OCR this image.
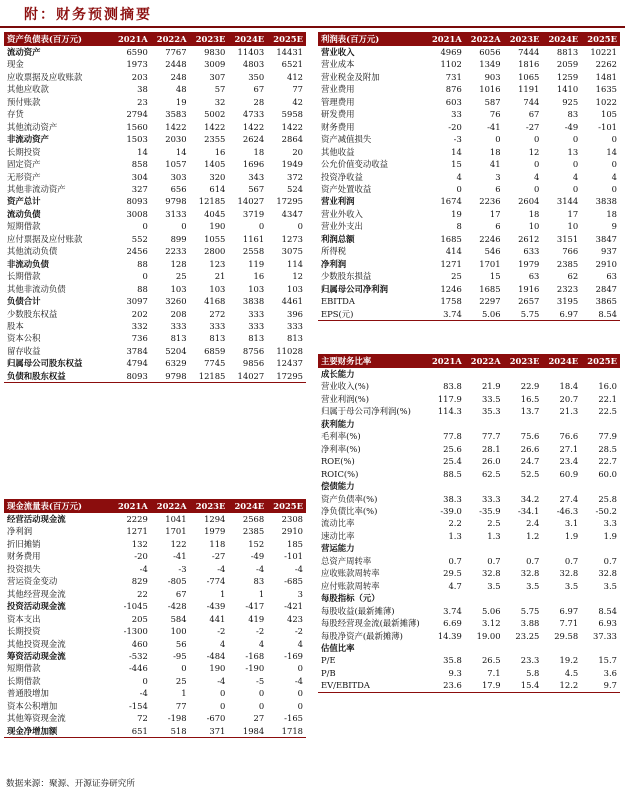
附：财务预测摘要
资产负债表(百万元)	2021A	2022A	2023E	2024E	2025E
流动资产	6590	7767	9830	11403	14431
现金	1973	2448	3009	4803	6521
应收票据及应收账款	203	248	307	350	412
其他应收款	38	48	57	67	77
预付账款	23	19	32	28	42
存货	2794	3583	5002	4733	5958
其他流动资产	1560	1422	1422	1422	1422
非流动资产	1503	2030	2355	2624	2864
长期投资	14	14	16	18	20
固定资产	858	1057	1405	1696	1949
无形资产	304	303	320	343	372
其他非流动资产	327	656	614	567	524
资产总计	8093	9798	12185	14027	17295
流动负债	3008	3133	4045	3719	4347
短期借款	0	0	190	0	0
应付票据及应付账款	552	899	1055	1161	1273
其他流动负债	2456	2233	2800	2558	3075
非流动负债	88	128	123	119	114
长期借款	0	25	21	16	12
其他非流动负债	88	103	103	103	103
负债合计	3097	3260	4168	3838	4461
少数股东权益	202	208	272	333	396
股本	332	333	333	333	333
资本公积	736	813	813	813	813
留存收益	3784	5204	6859	8756	11028
归属母公司股东权益	4794	6329	7745	9856	12437
负债和股东权益	8093	9798	12185	14027	17295
利润表(百万元)	2021A	2022A	2023E	2024E	2025E
营业收入	4969	6056	7444	8813	10221
营业成本	1102	1349	1816	2059	2262
营业税金及附加	731	903	1065	1259	1481
营业费用	876	1016	1191	1410	1635
管理费用	603	587	744	925	1022
研发费用	33	76	67	83	105
财务费用	-20	-41	-27	-49	-101
资产减值损失	-3	0	0	0	0
其他收益	14	18	12	13	14
公允价值变动收益	15	41	0	0	0
投资净收益	4	3	4	4	4
资产处置收益	0	6	0	0	0
营业利润	1674	2236	2604	3144	3838
营业外收入	19	17	18	17	18
营业外支出	8	6	10	10	9
利润总额	1685	2246	2612	3151	3847
所得税	414	546	633	766	937
净利润	1271	1701	1979	2385	2910
少数股东损益	25	15	63	62	63
归属母公司净利润	1246	1685	1916	2323	2847
EBITDA	1758	2297	2657	3195	3865
EPS(元)	3.74	5.06	5.75	6.97	8.54
主要财务比率	2021A	2022A	2023E	2024E	2025E
成长能力					
营业收入(%)	83.8	21.9	22.9	18.4	16.0
营业利润(%)	117.9	33.5	16.5	20.7	22.1
归属于母公司净利润(%)	114.3	35.3	13.7	21.3	22.5
获利能力					
毛利率(%)	77.8	77.7	75.6	76.6	77.9
净利率(%)	25.6	28.1	26.6	27.1	28.5
ROE(%)	25.4	26.0	24.7	23.4	22.7
ROIC(%)	88.5	62.5	52.5	60.9	60.0
偿债能力					
资产负债率(%)	38.3	33.3	34.2	27.4	25.8
净负债比率(%)	-39.0	-35.9	-34.1	-46.3	-50.2
流动比率	2.2	2.5	2.4	3.1	3.3
速动比率	1.3	1.3	1.2	1.9	1.9
营运能力					
总资产周转率	0.7	0.7	0.7	0.7	0.7
应收账款周转率	29.5	32.8	32.8	32.8	32.8
应付账款周转率	4.7	3.5	3.5	3.5	3.5
每股指标（元）					
每股收益(最新摊薄)	3.74	5.06	5.75	6.97	8.54
每股经营现金流(最新摊薄)	6.69	3.12	3.88	7.71	6.93
每股净资产(最新摊薄)	14.39	19.00	23.25	29.58	37.33
估值比率					
P/E	35.8	26.5	23.3	19.2	15.7
P/B	9.3	7.1	5.8	4.5	3.6
EV/EBITDA	23.6	17.9	15.4	12.2	9.7
现金流量表(百万元)	2021A	2022A	2023E	2024E	2025E
经营活动现金流	2229	1041	1294	2568	2308
净利润	1271	1701	1979	2385	2910
折旧摊销	132	122	118	152	185
财务费用	-20	-41	-27	-49	-101
投资损失	-4	-3	-4	-4	-4
营运资金变动	829	-805	-774	83	-685
其他经营现金流	22	67	1	1	3
投资活动现金流	-1045	-428	-439	-417	-421
资本支出	205	584	441	419	423
长期投资	-1300	100	-2	-2	-2
其他投资现金流	460	56	4	4	4
筹资活动现金流	-532	-95	-484	-168	-169
短期借款	-446	0	190	-190	0
长期借款	0	25	-4	-5	-4
普通股增加	-4	1	0	0	0
资本公积增加	-154	77	0	0	0
其他筹资现金流	72	-198	-670	27	-165
现金净增加额	651	518	371	1984	1718
数据来源：聚源、开源证券研究所
